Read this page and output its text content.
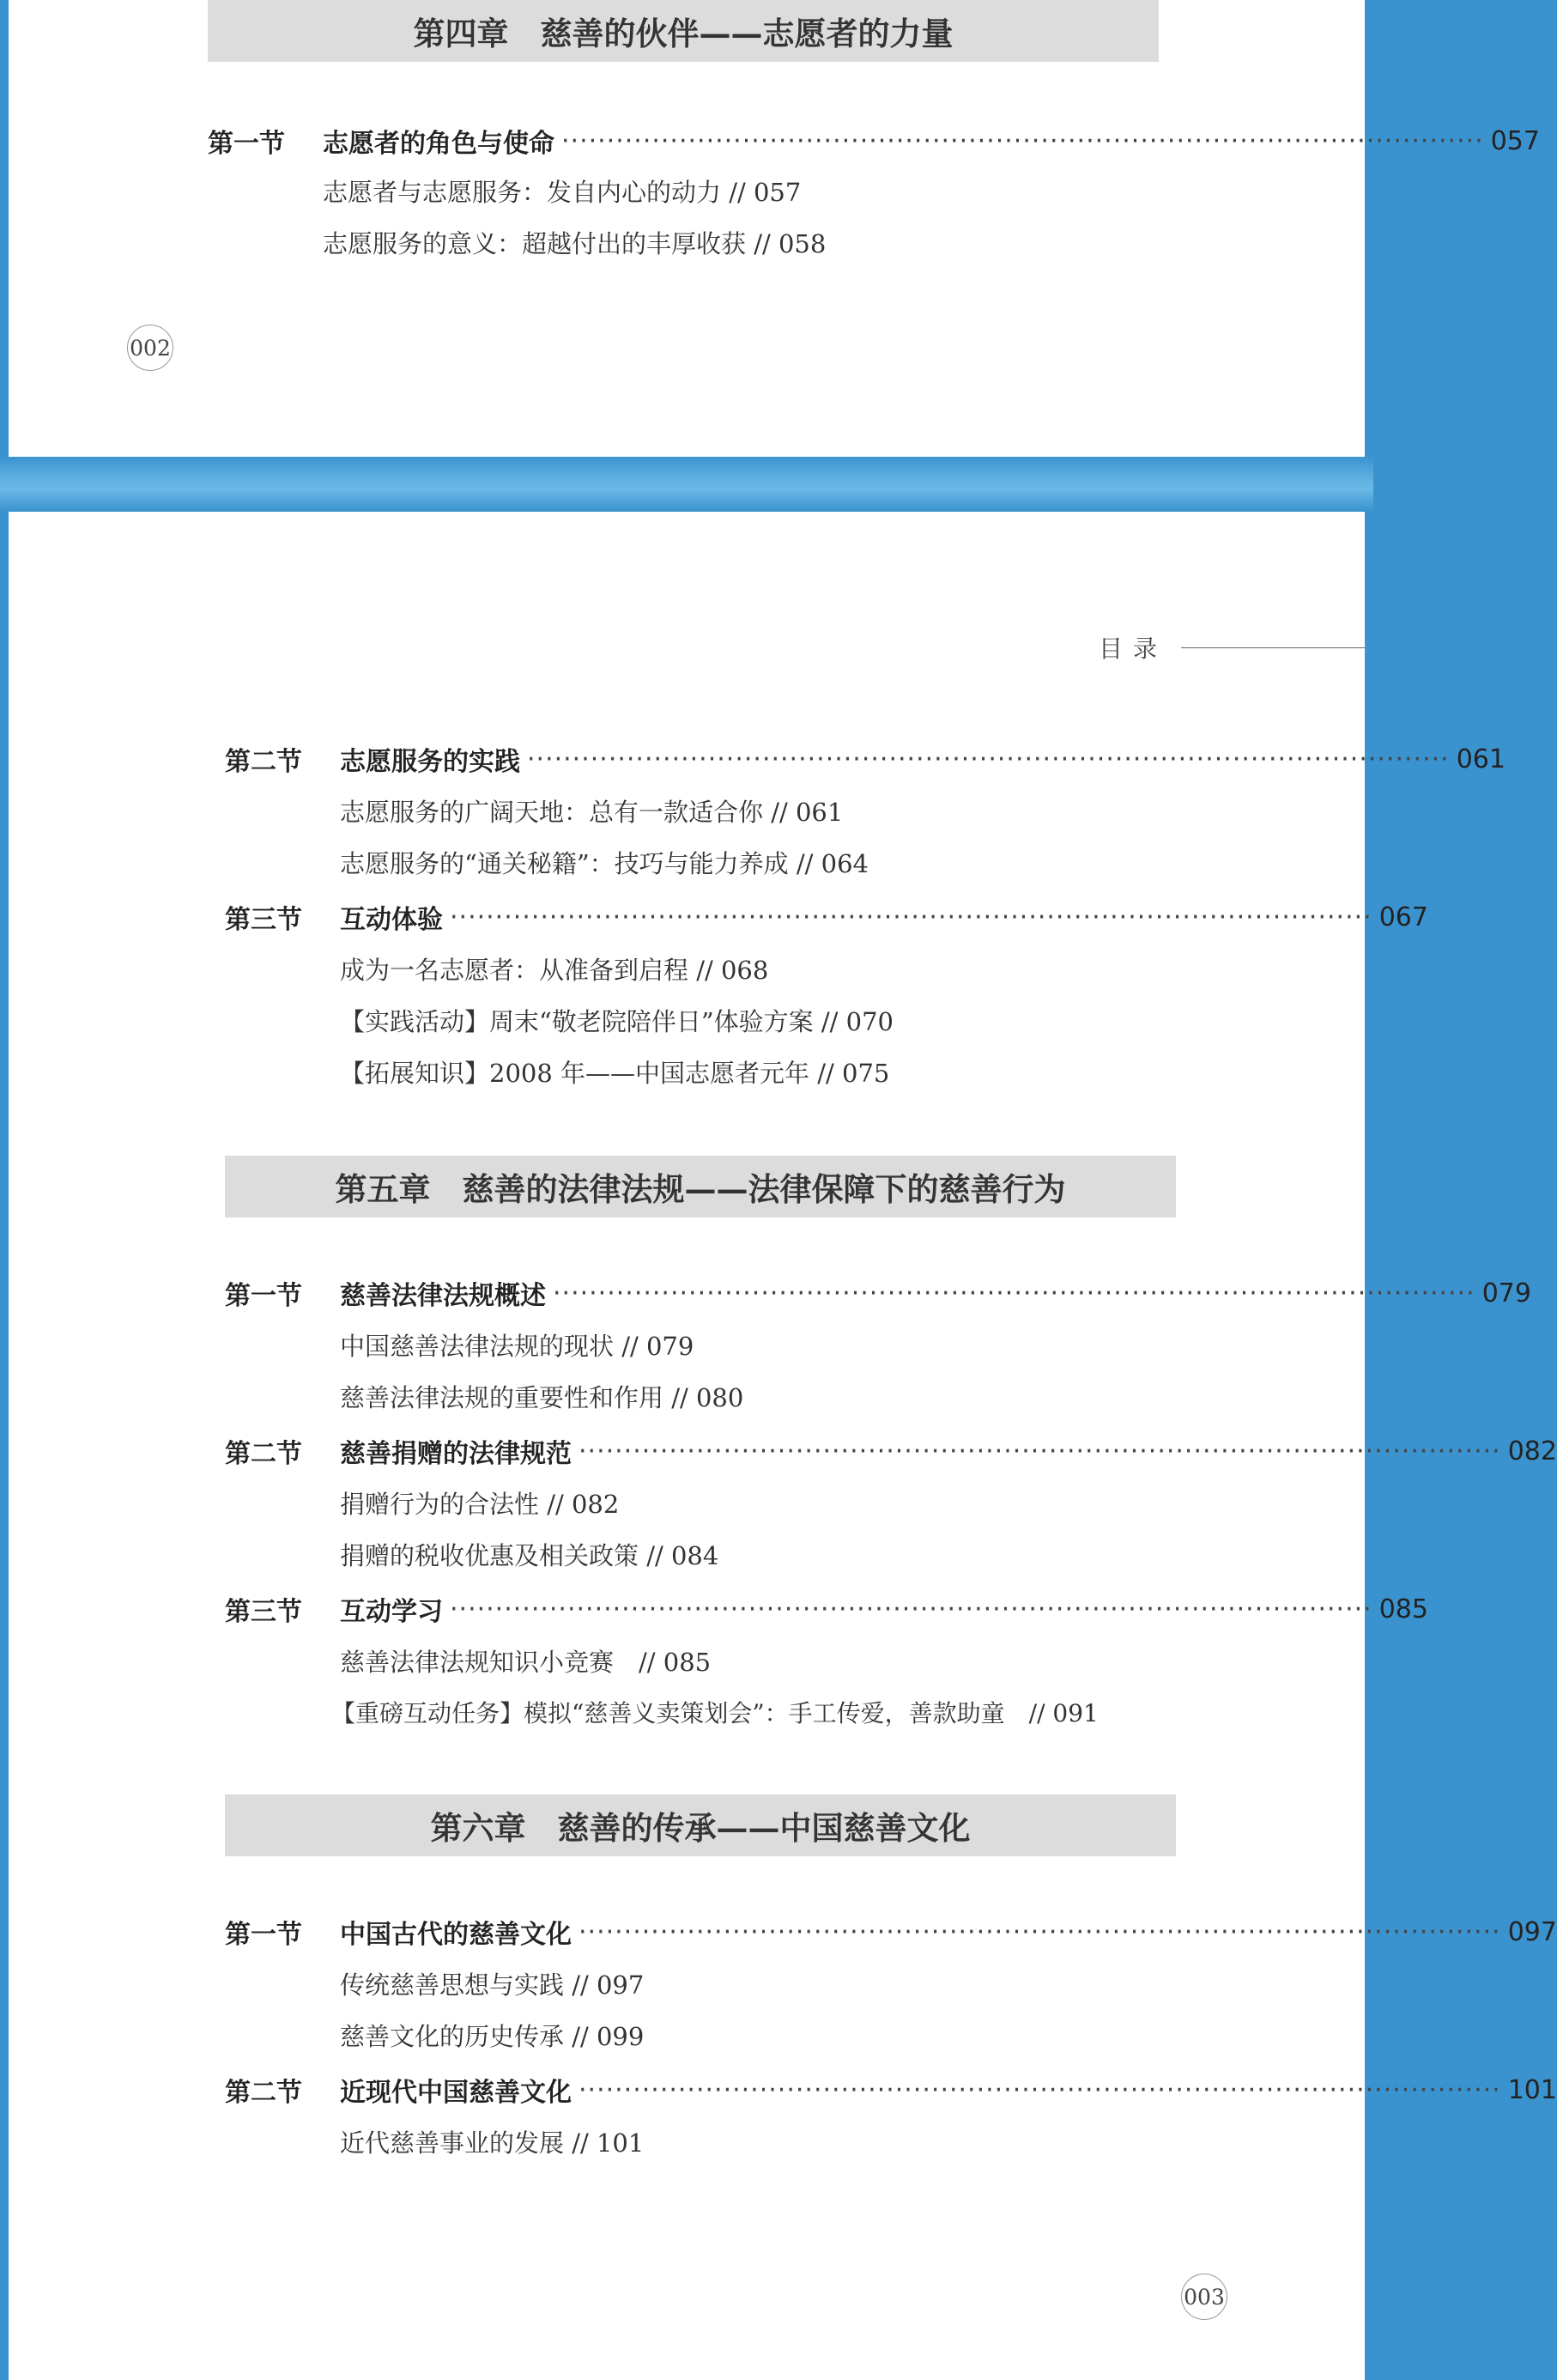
第四章　慈善的伙伴——志愿者的力量
第一节	志愿者的角色与使命 ······································································································ 057
志愿者与志愿服务：发自内心的动力 // 057
志愿服务的意义：超越付出的丰厚收获 // 058
002
目录
第二节	志愿服务的实践 ······································································································ 061
志愿服务的广阔天地：总有一款适合你 // 061
志愿服务的“通关秘籍”：技巧与能力养成 // 064
第三节	互动体验 ······································································································ 067
成为一名志愿者：从准备到启程 // 068
【实践活动】周末“敬老院陪伴日”体验方案 // 070
【拓展知识】2008 年——中国志愿者元年 // 075
第五章　慈善的法律法规——法律保障下的慈善行为
第一节	慈善法律法规概述 ······································································································ 079
中国慈善法律法规的现状 // 079
慈善法律法规的重要性和作用 // 080
第二节	慈善捐赠的法律规范 ······································································································ 082
捐赠行为的合法性 // 082
捐赠的税收优惠及相关政策 // 084
第三节	互动学习 ······································································································ 085
慈善法律法规知识小竞赛　// 085
【重磅互动任务】模拟“慈善义卖策划会”：手工传爱，善款助童　// 091
第六章　慈善的传承——中国慈善文化
第一节	中国古代的慈善文化 ······································································································ 097
传统慈善思想与实践 // 097
慈善文化的历史传承 // 099
第二节	近现代中国慈善文化 ······································································································ 101
近代慈善事业的发展 // 101
003
